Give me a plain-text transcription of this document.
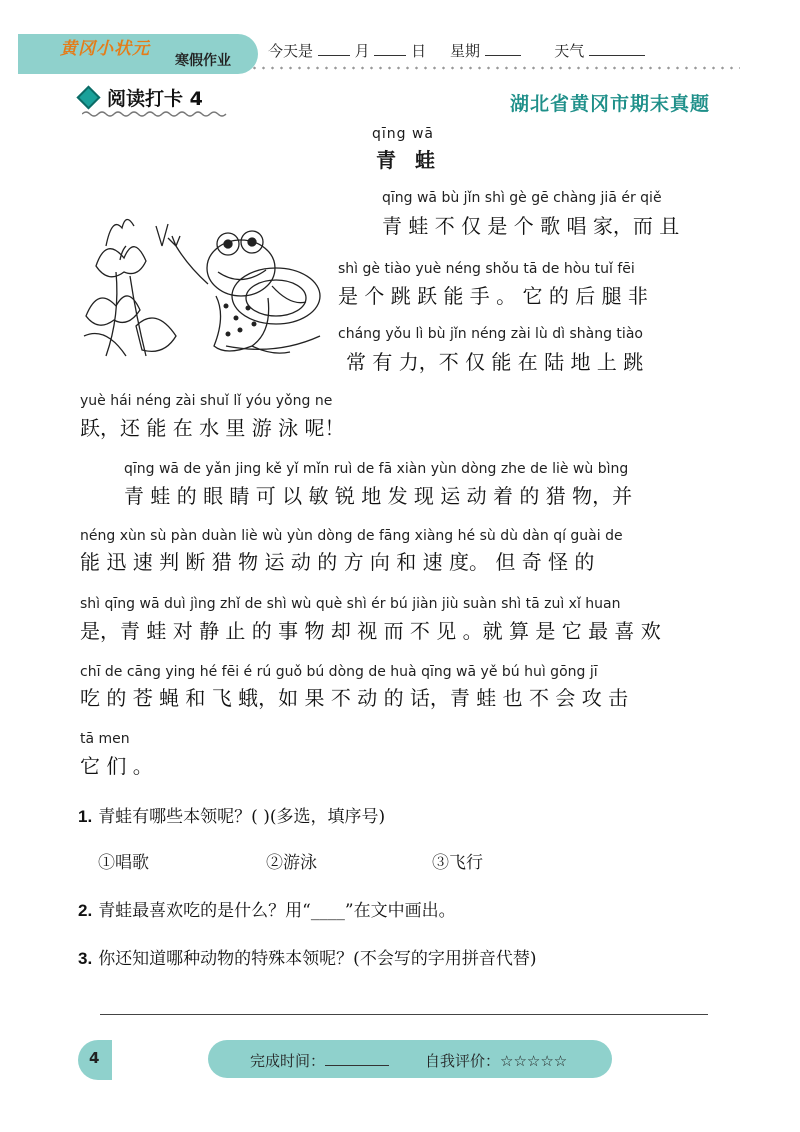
黄冈小状元
寒假作业
今天是	月	日 星期	天气
阅读打卡 4	湖北省黄冈市期末真题
qīng wā
青 蛙
qīng wā bù jǐn shì gè gē chàng jiā ér qiě
青 蛙 不 仅 是 个 歌 唱 家，而 且
shì gè tiào yuè néng shǒu tā de hòu tuǐ fēi
是 个 跳 跃 能 手 。 它 的 后 腿 非
cháng yǒu lì bù jǐn néng zài lù dì shàng tiào
常 有 力，不 仅 能 在 陆 地 上 跳
yuè hái néng zài shuǐ lǐ yóu yǒng ne
跃，还 能 在 水 里 游 泳 呢！
qīng wā de yǎn jing kě yǐ mǐn ruì de fā xiàn yùn dòng zhe de liè wù bìng
青 蛙 的 眼 睛 可 以 敏 锐 地 发 现 运 动 着 的 猎 物，并
néng xùn sù pàn duàn liè wù yùn dòng de fāng xiàng hé sù dù dàn qí guài de
能 迅 速 判 断 猎 物 运 动 的 方 向 和 速 度。 但 奇 怪 的
shì qīng wā duì jìng zhǐ de shì wù què shì ér bú jiàn jiù suàn shì tā zuì xǐ huan
是，青 蛙 对 静 止 的 事 物 却 视 而 不 见 。就 算 是 它 最 喜 欢
chī de cāng ying hé fēi é rú guǒ bú dòng de huà qīng wā yě bú huì gōng jī
吃 的 苍 蝇 和 飞 蛾，如 果 不 动 的 话，青 蛙 也 不 会 攻 击
tā men
它 们 。
1. 青蛙有哪些本领呢？( )(多选，填序号)
①唱歌	②游泳	③飞行
2. 青蛙最喜欢吃的是什么？用“____”在文中画出。
3. 你还知道哪种动物的特殊本领呢？(不会写的字用拼音代替)
4	完成时间：	自我评价：☆☆☆☆☆
